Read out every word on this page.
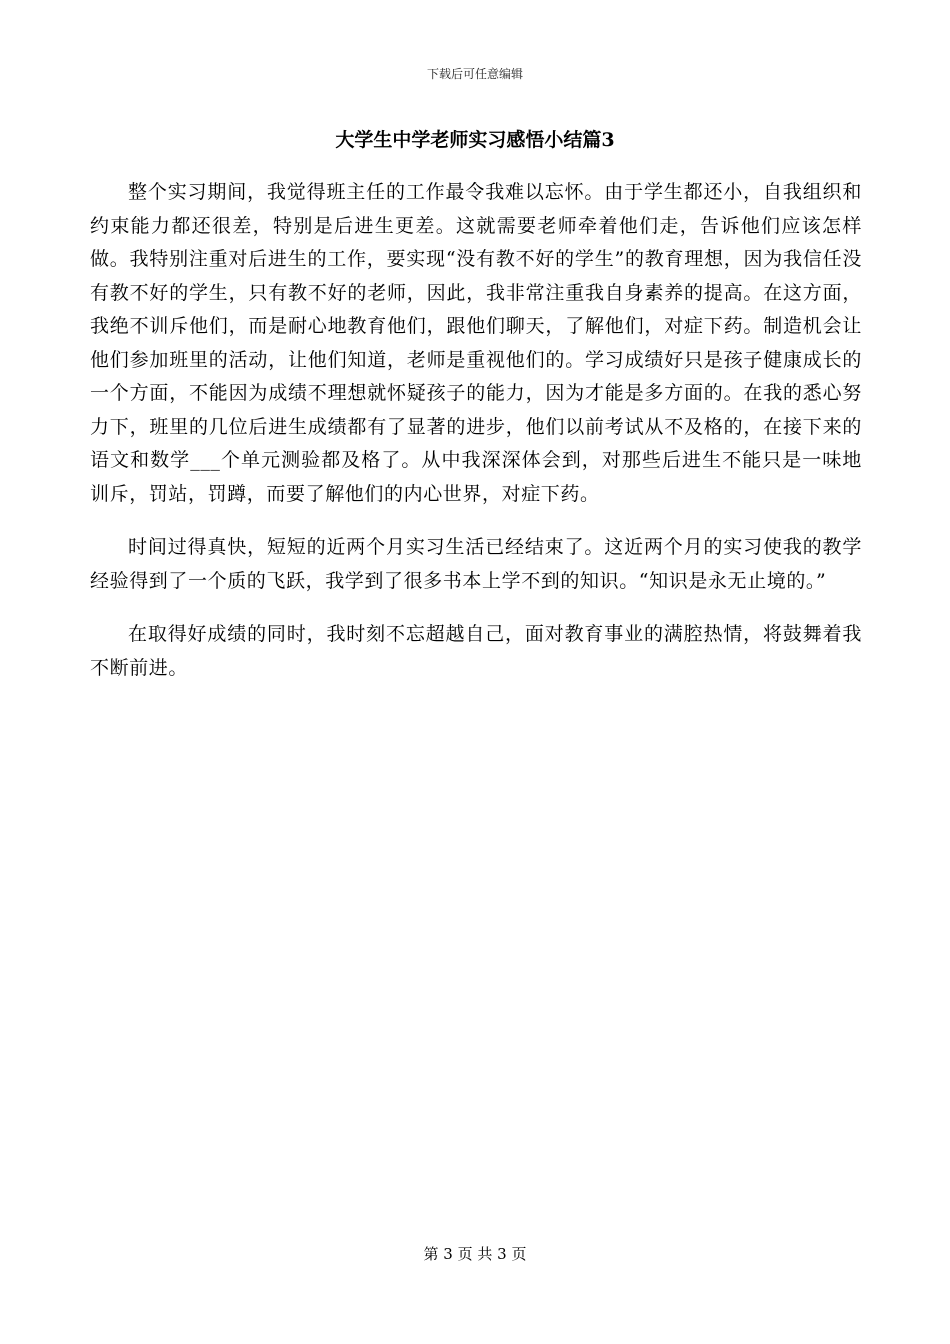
下载后可任意编辑
大学生中学老师实习感悟小结篇3

整个实习期间，我觉得班主任的工作最令我难以忘怀。由于学生都还小，自我组织和约束能力都还很差，特别是后进生更差。这就需要老师牵着他们走，告诉他们应该怎样做。我特别注重对后进生的工作，要实现“没有教不好的学生”的教育理想，因为我信任没有教不好的学生，只有教不好的老师，因此，我非常注重我自身素养的提高。在这方面，我绝不训斥他们，而是耐心地教育他们，跟他们聊天，了解他们，对症下药。制造机会让他们参加班里的活动，让他们知道，老师是重视他们的。学习成绩好只是孩子健康成长的一个方面，不能因为成绩不理想就怀疑孩子的能力，因为才能是多方面的。在我的悉心努力下，班里的几位后进生成绩都有了显著的进步，他们以前考试从不及格的，在接下来的语文和数学___个单元测验都及格了。从中我深深体会到，对那些后进生不能只是一味地训斥，罚站，罚蹲，而要了解他们的内心世界，对症下药。

时间过得真快，短短的近两个月实习生活已经结束了。这近两个月的实习使我的教学经验得到了一个质的飞跃，我学到了很多书本上学不到的知识。“知识是永无止境的。”

在取得好成绩的同时，我时刻不忘超越自己，面对教育事业的满腔热情，将鼓舞着我不断前进。

第 3 页 共 3 页
